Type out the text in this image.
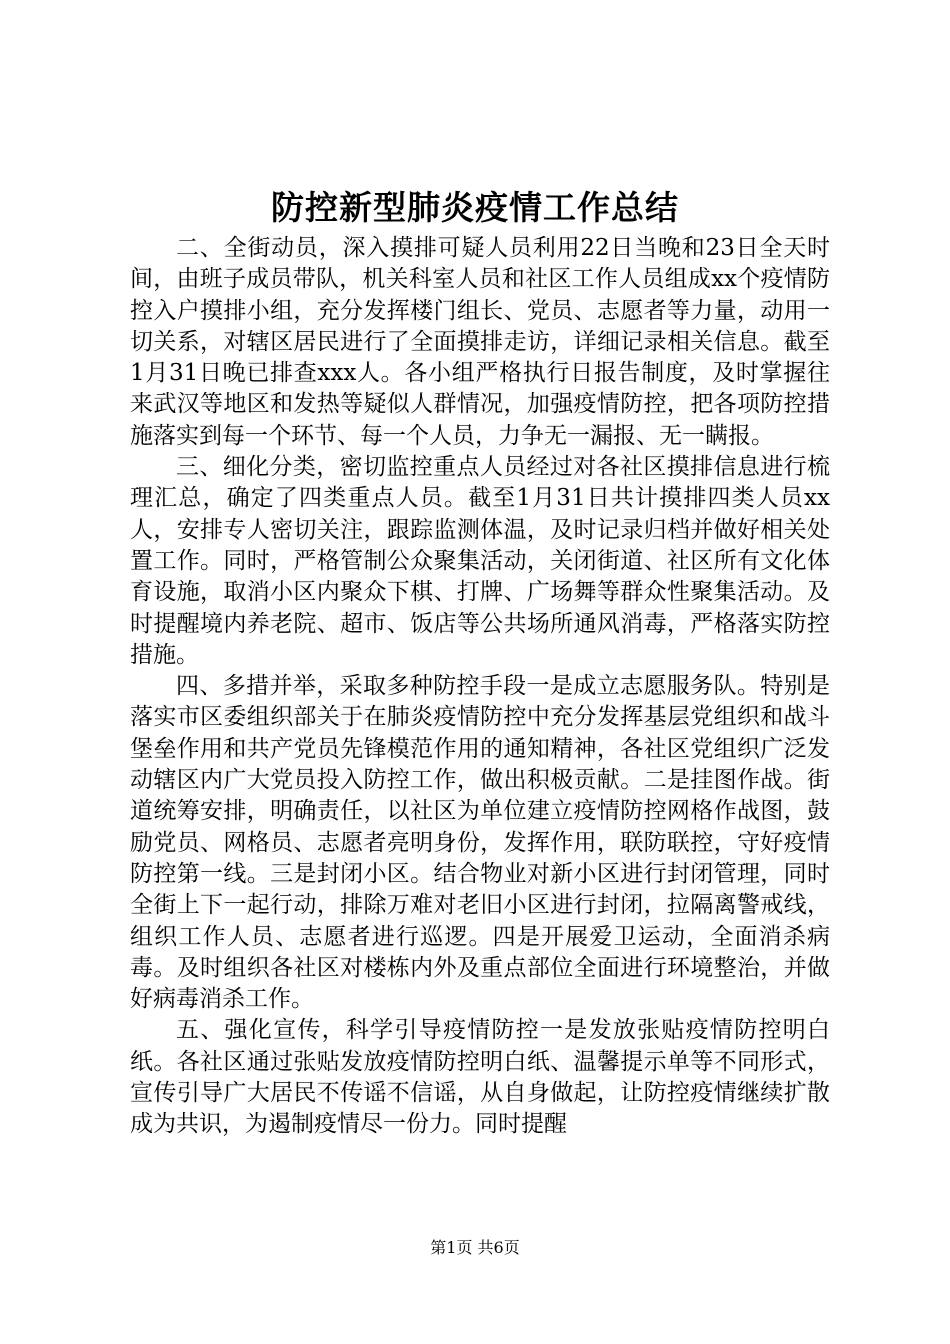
防控新型肺炎疫情工作总结

二、全街动员，深入摸排可疑人员利用22日当晚和23日全天时间，由班子成员带队，机关科室人员和社区工作人员组成xx个疫情防控入户摸排小组，充分发挥楼门组长、党员、志愿者等力量，动用一切关系，对辖区居民进行了全面摸排走访，详细记录相关信息。截至1月31日晚已排查xxx人。各小组严格执行日报告制度，及时掌握往来武汉等地区和发热等疑似人群情况，加强疫情防控，把各项防控措施落实到每一个环节、每一个人员，力争无一漏报、无一瞒报。

三、细化分类，密切监控重点人员经过对各社区摸排信息进行梳理汇总，确定了四类重点人员。截至1月31日共计摸排四类人员xx人，安排专人密切关注，跟踪监测体温，及时记录归档并做好相关处置工作。同时，严格管制公众聚集活动，关闭街道、社区所有文化体育设施，取消小区内聚众下棋、打牌、广场舞等群众性聚集活动。及时提醒境内养老院、超市、饭店等公共场所通风消毒，严格落实防控措施。

四、多措并举，采取多种防控手段一是成立志愿服务队。特别是落实市区委组织部关于在肺炎疫情防控中充分发挥基层党组织和战斗堡垒作用和共产党员先锋模范作用的通知精神，各社区党组织广泛发动辖区内广大党员投入防控工作，做出积极贡献。二是挂图作战。街道统筹安排，明确责任，以社区为单位建立疫情防控网格作战图，鼓励党员、网格员、志愿者亮明身份，发挥作用，联防联控，守好疫情防控第一线。三是封闭小区。结合物业对新小区进行封闭管理，同时全街上下一起行动，排除万难对老旧小区进行封闭，拉隔离警戒线，组织工作人员、志愿者进行巡逻。四是开展爱卫运动，全面消杀病毒。及时组织各社区对楼栋内外及重点部位全面进行环境整治，并做好病毒消杀工作。

五、强化宣传，科学引导疫情防控一是发放张贴疫情防控明白纸。各社区通过张贴发放疫情防控明白纸、温馨提示单等不同形式，宣传引导广大居民不传谣不信谣，从自身做起，让防控疫情继续扩散成为共识，为遏制疫情尽一份力。同时提醒

第1页 共6页
